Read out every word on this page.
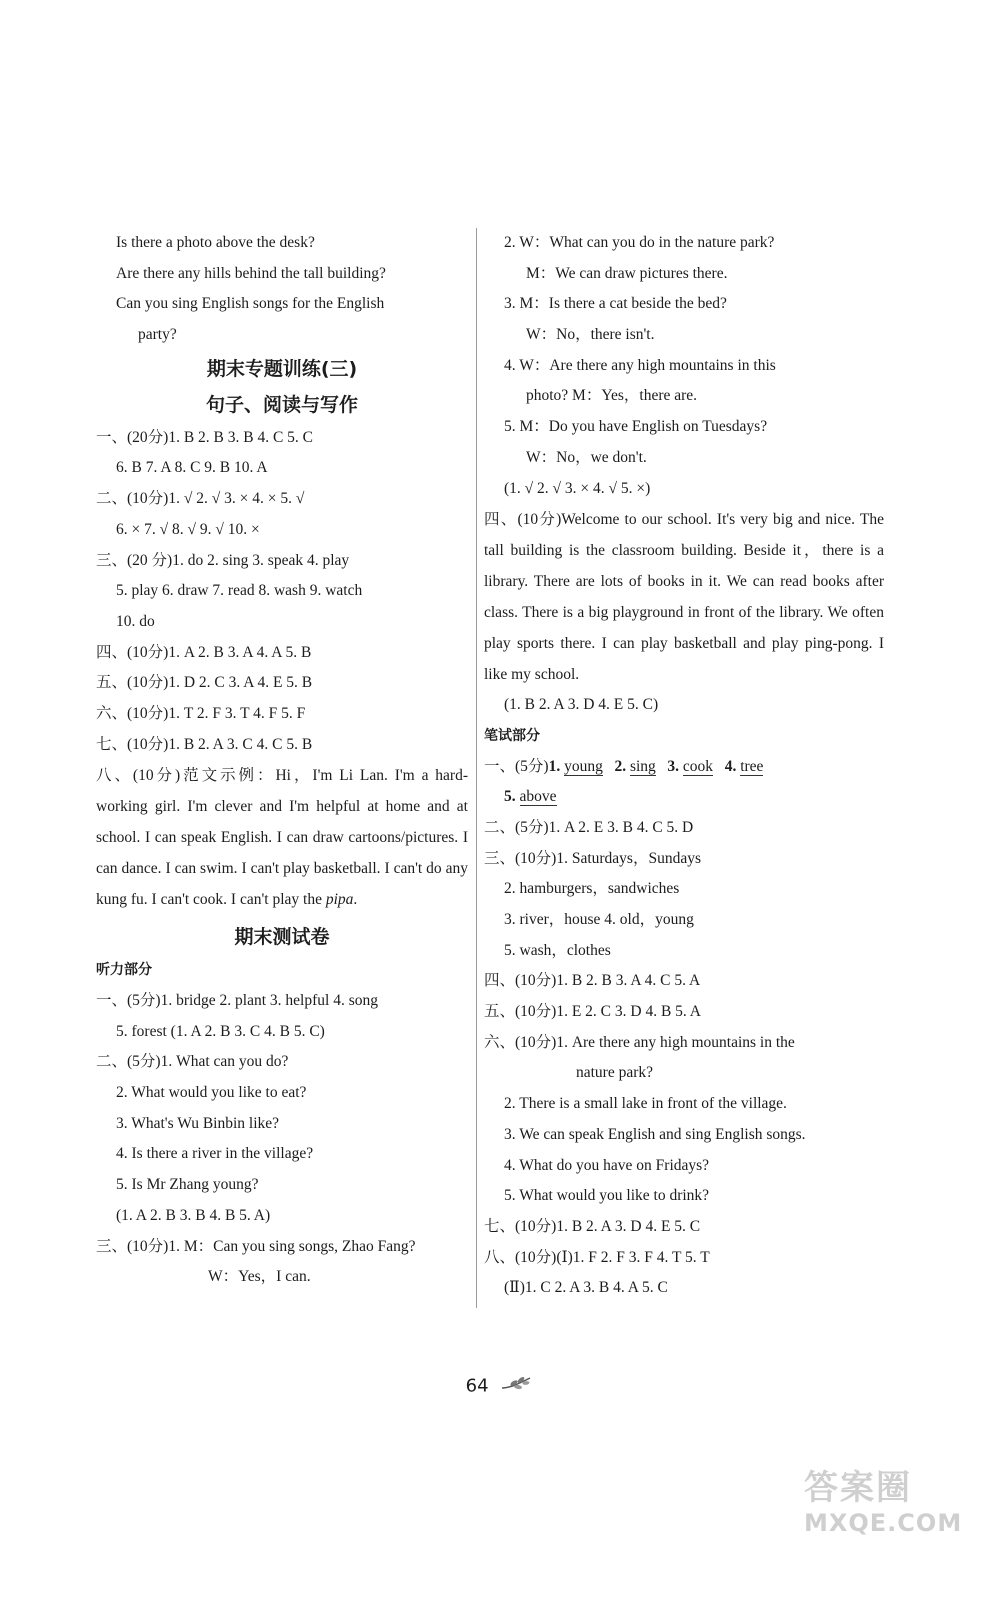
Is there a photo above the desk?
Are there any hills behind the tall building?
Can you sing English songs for the English
party?
期末专题训练(三)
句子、阅读与写作
一、(20分)1. B 2. B 3. B 4. C 5. C
6. B 7. A 8. C 9. B 10. A
二、(10分)1. √ 2. √ 3. × 4. × 5. √
6. × 7. √ 8. √ 9. √ 10. ×
三、(20 分)1. do 2. sing 3. speak 4. play
5. play 6. draw 7. read 8. wash 9. watch
10. do
四、(10分)1. A 2. B 3. A 4. A 5. B
五、(10分)1. D 2. C 3. A 4. E 5. B
六、(10分)1. T 2. F 3. T 4. F 5. F
七、(10分)1. B 2. A 3. C 4. C 5. B
八、(10分)范文示例：Hi，I'm Li Lan. I'm a hard-working girl. I'm clever and I'm helpful at home and at school. I can speak English. I can draw cartoons/pictures. I can dance. I can swim. I can't play basketball. I can't do any kung fu. I can't cook. I can't play the pipa.
期末测试卷
听力部分
一、(5分)1. bridge 2. plant 3. helpful 4. song
5. forest (1. A 2. B 3. C 4. B 5. C)
二、(5分)1. What can you do?
2. What would you like to eat?
3. What's Wu Binbin like?
4. Is there a river in the village?
5. Is Mr Zhang young?
(1. A 2. B 3. B 4. B 5. A)
三、(10分)1. M：Can you sing songs, Zhao Fang?
W：Yes，I can.
2. W：What can you do in the nature park?
M：We can draw pictures there.
3. M：Is there a cat beside the bed?
W：No，there isn't.
4. W：Are there any high mountains in this
photo? M：Yes，there are.
5. M：Do you have English on Tuesdays?
W：No，we don't.
(1. √ 2. √ 3. × 4. √ 5. ×)
四、(10分)Welcome to our school. It's very big and nice. The tall building is the classroom building. Beside it，there is a library. There are lots of books in it. We can read books after class. There is a big playground in front of the library. We often play sports there. I can play basketball and play ping-pong. I like my school.
(1. B 2. A 3. D 4. E 5. C)
笔试部分
一、(5分)1. young 2. sing 3. cook 4. tree
5. above
二、(5分)1. A 2. E 3. B 4. C 5. D
三、(10分)1. Saturdays，Sundays
2. hamburgers，sandwiches
3. river，house 4. old，young
5. wash，clothes
四、(10分)1. B 2. B 3. A 4. C 5. A
五、(10分)1. E 2. C 3. D 4. B 5. A
六、(10分)1. Are there any high mountains in the
nature park?
2. There is a small lake in front of the village.
3. We can speak English and sing English songs.
4. What do you have on Fridays?
5. What would you like to drink?
七、(10分)1. B 2. A 3. D 4. E 5. C
八、(10分)(Ⅰ)1. F 2. F 3. F 4. T 5. T
(Ⅱ)1. C 2. A 3. B 4. A 5. C
64
答案圈
MXQE.COM
